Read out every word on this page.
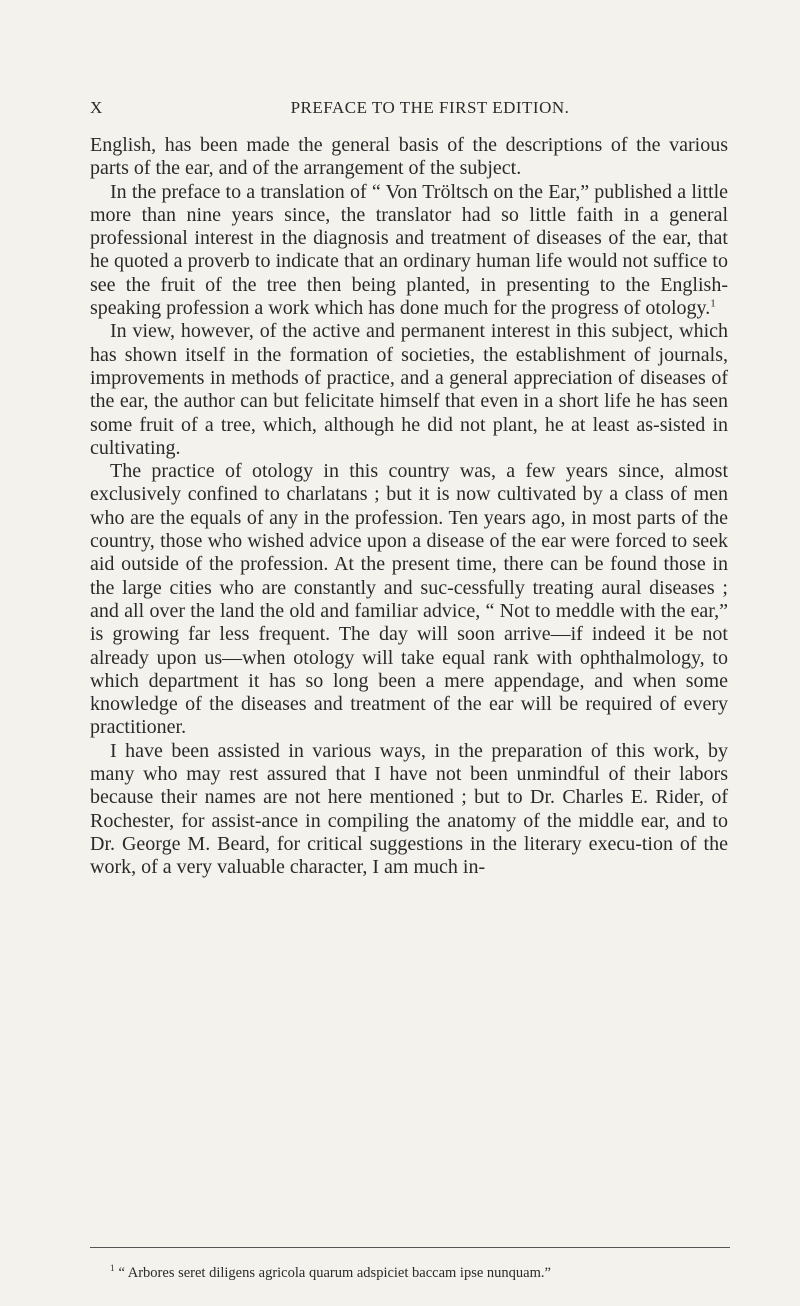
X	PREFACE TO THE FIRST EDITION.

English, has been made the general basis of the descriptions of the various parts of the ear, and of the arrangement of the subject.

In the preface to a translation of “ Von Tröltsch on the Ear,” published a little more than nine years since, the translator had so little faith in a general professional interest in the diagnosis and treatment of diseases of the ear, that he quoted a proverb to indicate that an ordinary human life would not suffice to see the fruit of the tree then being planted, in presenting to the English-speaking profession a work which has done much for the progress of otology.$^1$

In view, however, of the active and permanent interest in this subject, which has shown itself in the formation of societies, the establishment of journals, improvements in methods of practice, and a general appreciation of diseases of the ear, the author can but felicitate himself that even in a short life he has seen some fruit of a tree, which, although he did not plant, he at least as-sisted in cultivating.

The practice of otology in this country was, a few years since, almost exclusively confined to charlatans ; but it is now cultivated by a class of men who are the equals of any in the profession. Ten years ago, in most parts of the country, those who wished advice upon a disease of the ear were forced to seek aid outside of the profession. At the present time, there can be found those in the large cities who are constantly and suc-cessfully treating aural diseases ; and all over the land the old and familiar advice, “ Not to meddle with the ear,” is growing far less frequent. The day will soon arrive—if indeed it be not already upon us—when otology will take equal rank with ophthalmology, to which department it has so long been a mere appendage, and when some knowledge of the diseases and treatment of the ear will be required of every practitioner.

I have been assisted in various ways, in the preparation of this work, by many who may rest assured that I have not been unmindful of their labors because their names are not here mentioned ; but to Dr. Charles E. Rider, of Rochester, for assist-ance in compiling the anatomy of the middle ear, and to Dr. George M. Beard, for critical suggestions in the literary execu-tion of the work, of a very valuable character, I am much in-

$^1$ “ Arbores seret diligens agricola quarum adspiciet baccam ipse nunquam.”
